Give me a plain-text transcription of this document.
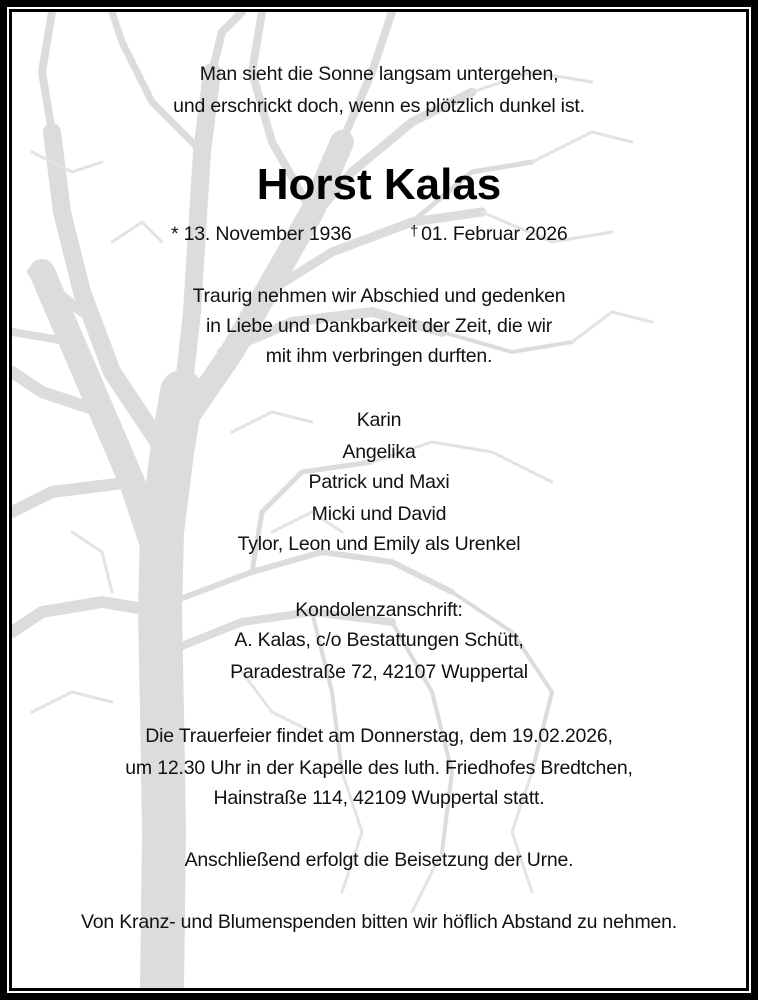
Man sieht die Sonne langsam untergehen,
und erschrickt doch, wenn es plötzlich dunkel ist.
Horst Kalas
* 13. November 1936	† 01. Februar 2026
Traurig nehmen wir Abschied und gedenken
in Liebe und Dankbarkeit der Zeit, die wir
mit ihm verbringen durften.
Karin
Angelika
Patrick und Maxi
Micki und David
Tylor, Leon und Emily als Urenkel
Kondolenzanschrift:
A. Kalas, c/o Bestattungen Schütt,
Paradestraße 72, 42107 Wuppertal
Die Trauerfeier findet am Donnerstag, dem 19.02.2026,
um 12.30 Uhr in der Kapelle des luth. Friedhofes Bredtchen,
Hainstraße 114, 42109 Wuppertal statt.
Anschließend erfolgt die Beisetzung der Urne.
Von Kranz- und Blumenspenden bitten wir höflich Abstand zu nehmen.
